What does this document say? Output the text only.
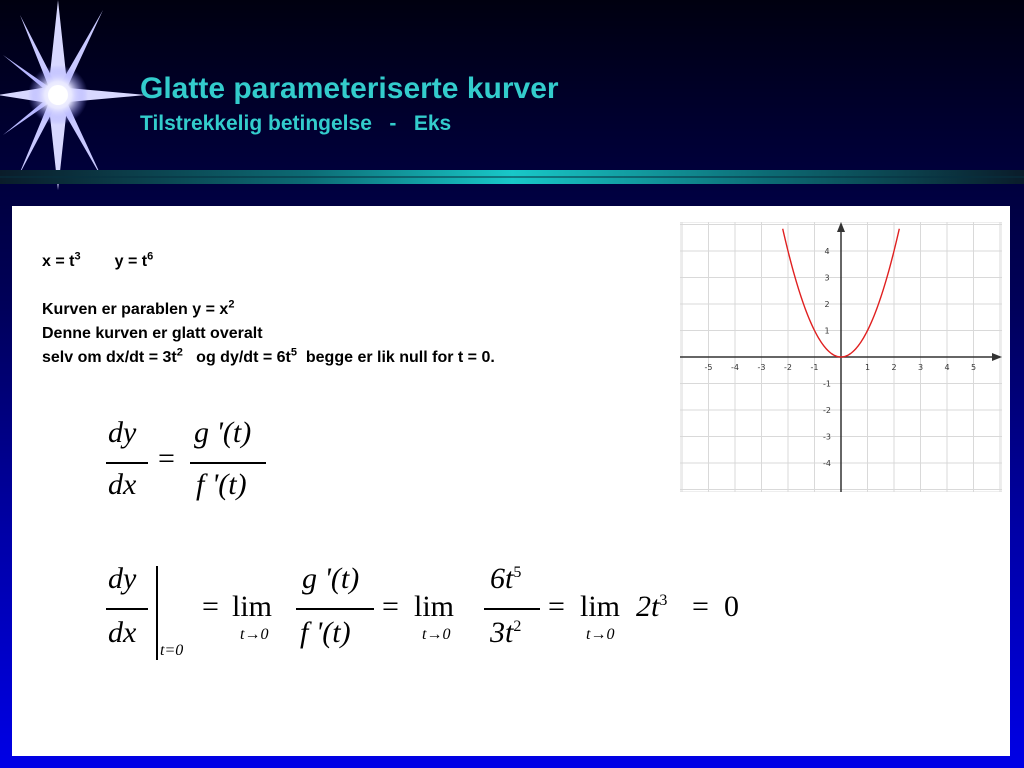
Glatte parameteriserte kurver
Tilstrekkelig betingelse   -   Eks
$x = t^3$ $y = t^6$
Kurven er parablen $y = x^2$
Denne kurven er glatt overalt
selv om $dx/dt = 3t^2$   og $dy/dt = 6t^5$  begge er lik null for t = 0.
-5 -4 -3 -2 -1	1	2	3	4	5
4
3
2
1
-1
-2
-3
-4
dy
dx
=
g '(t)
f '(t)
dy
dx
t=0
= lim
t→0
g '(t)
f '(t)
= lim
t→0
$6t^5$
$3t^2$
= lim
t→0
$2t^3 = 0$
